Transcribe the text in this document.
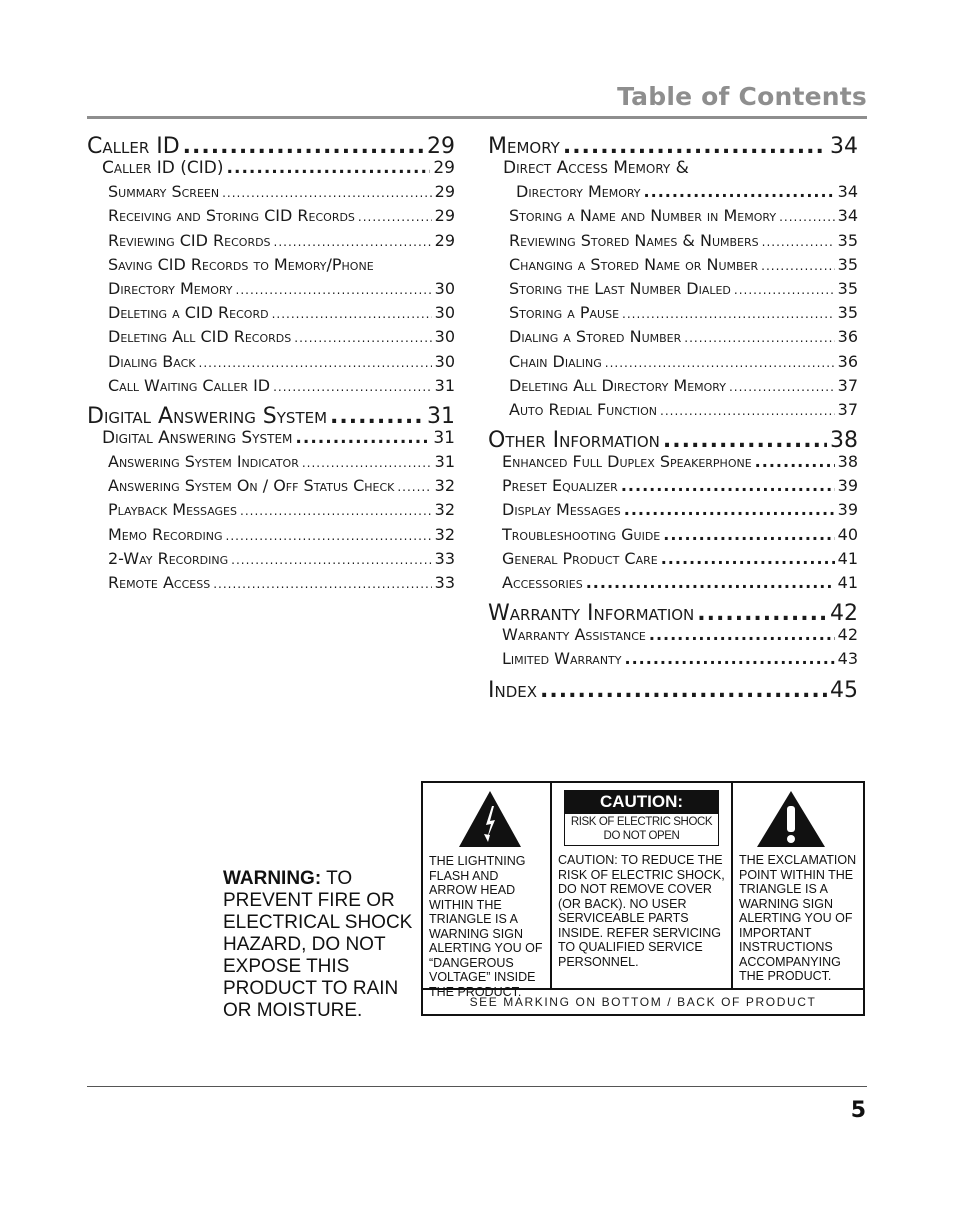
Table of Contents
Caller ID .....	29
Caller ID (CID) .....	29
Summary Screen .....	29
Receiving and Storing CID Records .....	29
Reviewing CID Records .....	29
Saving CID Records to Memory/Phone
Directory Memory .....	30
Deleting a CID Record .....	30
Deleting All CID Records .....	30
Dialing Back .....	30
Call Waiting Caller ID .....	31
Digital Answering System .....	31
Digital Answering System .....	31
Answering System Indicator .....	31
Answering System On / Off Status Check .....	32
Playback Messages .....	32
Memo Recording .....	32
2-Way Recording .....	33
Remote Access .....	33
Memory .....	34
Direct Access Memory &
Directory Memory .....	34
Storing a Name and Number in Memory .....	34
Reviewing Stored Names & Numbers .....	35
Changing a Stored Name or Number .....	35
Storing the Last Number Dialed .....	35
Storing a Pause .....	35
Dialing a Stored Number .....	36
Chain Dialing .....	36
Deleting All Directory Memory .....	37
Auto Redial Function .....	37
Other Information .....	38
Enhanced Full Duplex Speakerphone .....	38
Preset Equalizer .....	39
Display Messages .....	39
Troubleshooting Guide .....	40
General Product Care .....	41
Accessories .....	41
Warranty Information .....	42
Warranty Assistance .....	42
Limited Warranty .....	43
Index .....	45
WARNING: TO PREVENT FIRE OR ELECTRICAL SHOCK HAZARD, DO NOT EXPOSE THIS PRODUCT TO RAIN OR MOISTURE.
THE LIGHTNING FLASH AND ARROW HEAD WITHIN THE TRIANGLE IS A WARNING SIGN ALERTING YOU OF “DANGEROUS VOLTAGE” INSIDE THE PRODUCT.
CAUTION:
RISK OF ELECTRIC SHOCK
DO NOT OPEN
CAUTION: TO REDUCE THE RISK OF ELECTRIC SHOCK, DO NOT REMOVE COVER (OR BACK). NO USER SERVICEABLE PARTS INSIDE. REFER SERVICING TO QUALIFIED SERVICE PERSONNEL.
THE EXCLAMATION POINT WITHIN THE TRIANGLE IS A WARNING SIGN ALERTING YOU OF IMPORTANT INSTRUCTIONS ACCOMPANYING THE PRODUCT.
SEE MARKING ON BOTTOM / BACK OF PRODUCT
5
